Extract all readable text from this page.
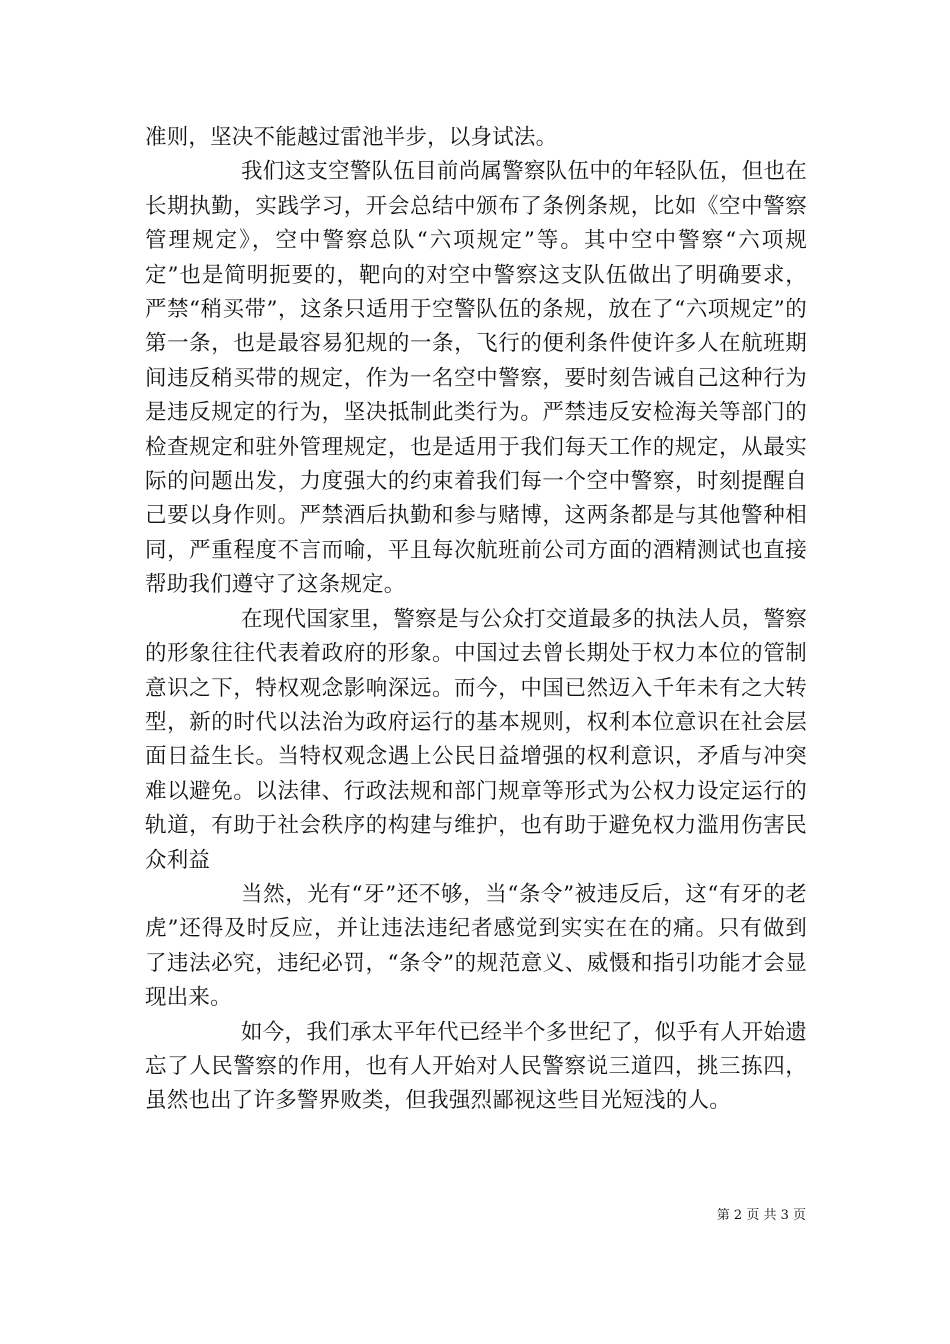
准则，坚决不能越过雷池半步，以身试法。

我们这支空警队伍目前尚属警察队伍中的年轻队伍，但也在长期执勤，实践学习，开会总结中颁布了条例条规，比如《空中警察管理规定》，空中警察总队“六项规定”等。其中空中警察“六项规定”也是简明扼要的，靶向的对空中警察这支队伍做出了明确要求，严禁“稍买带”，这条只适用于空警队伍的条规，放在了“六项规定”的第一条，也是最容易犯规的一条，飞行的便利条件使许多人在航班期间违反稍买带的规定，作为一名空中警察，要时刻告诫自己这种行为是违反规定的行为，坚决抵制此类行为。严禁违反安检海关等部门的检查规定和驻外管理规定，也是适用于我们每天工作的规定，从最实际的问题出发，力度强大的约束着我们每一个空中警察，时刻提醒自己要以身作则。严禁酒后执勤和参与赌博，这两条都是与其他警种相同，严重程度不言而喻，平且每次航班前公司方面的酒精测试也直接帮助我们遵守了这条规定。

在现代国家里，警察是与公众打交道最多的执法人员，警察的形象往往代表着政府的形象。中国过去曾长期处于权力本位的管制意识之下，特权观念影响深远。而今，中国已然迈入千年未有之大转型，新的时代以法治为政府运行的基本规则，权利本位意识在社会层面日益生长。当特权观念遇上公民日益增强的权利意识，矛盾与冲突难以避免。以法律、行政法规和部门规章等形式为公权力设定运行的轨道，有助于社会秩序的构建与维护，也有助于避免权力滥用伤害民众利益

当然，光有“牙”还不够，当“条令”被违反后，这“有牙的老虎”还得及时反应，并让违法违纪者感觉到实实在在的痛。只有做到了违法必究，违纪必罚，“条令”的规范意义、威慑和指引功能才会显现出来。

如今，我们承太平年代已经半个多世纪了，似乎有人开始遗忘了人民警察的作用，也有人开始对人民警察说三道四，挑三拣四，虽然也出了许多警界败类，但我强烈鄙视这些目光短浅的人。

第 2 页 共 3 页
